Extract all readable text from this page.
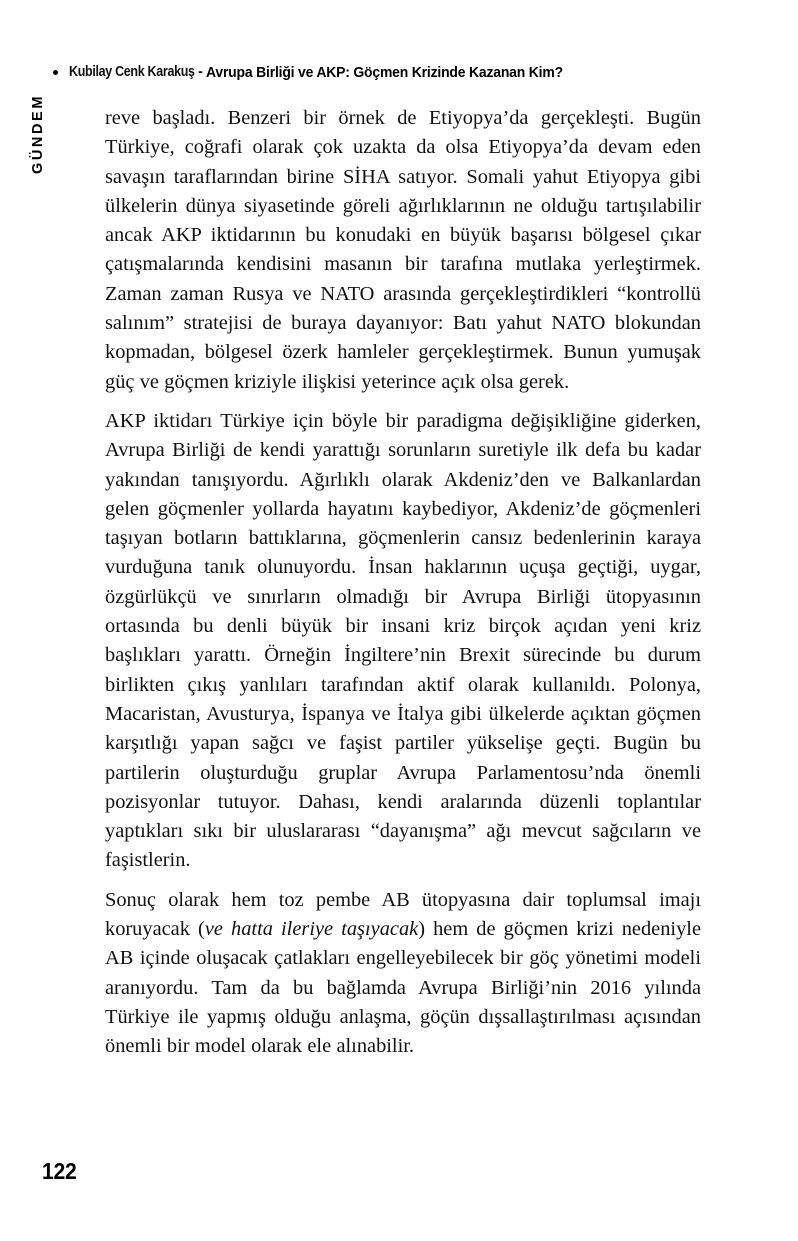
Kubilay Cenk Karakuş - Avrupa Birliği ve AKP: Göçmen Krizinde Kazanan Kim?
GÜNDEM	reve başladı. Benzeri bir örnek de Etiyopya’da gerçekleşti. Bugün Türkiye, coğrafi olarak çok uzakta da olsa Etiyopya’da devam eden savaşın taraflarından birine SİHA satıyor. Somali yahut Etiyopya gibi ülkelerin dünya siyasetinde göreli ağırlıklarının ne olduğu tartışılabilir ancak AKP iktidarının bu konudaki en büyük başarısı bölgesel çıkar çatışmalarında kendisini masanın bir tarafına mutlaka yerleştirmek. Zaman zaman Rusya ve NATO arasında gerçekleştirdikleri “kontrollü salınım” stratejisi de buraya dayanıyor: Batı yahut NATO blokundan kopmadan, bölgesel özerk hamleler gerçekleştirmek. Bunun yumuşak güç ve göçmen kriziyle ilişkisi yeterince açık olsa gerek.

AKP iktidarı Türkiye için böyle bir paradigma değişikliğine giderken, Avrupa Birliği de kendi yarattığı sorunların suretiyle ilk defa bu kadar yakından tanışıyordu. Ağırlıklı olarak Akdeniz’den ve Balkanlardan gelen göçmenler yollarda hayatını kaybediyor, Akdeniz’de göçmenleri taşıyan botların battıklarına, göçmenlerin cansız bedenlerinin karaya vurduğuna tanık olunuyordu. İnsan haklarının uçuşa geçtiği, uygar, özgürlükçü ve sınırların olmadığı bir Avrupa Birliği ütopyasının ortasında bu denli büyük bir insani kriz birçok açıdan yeni kriz başlıkları yarattı. Örneğin İngiltere’nin Brexit sürecinde bu durum birlikten çıkış yanlıları tarafından aktif olarak kullanıldı. Polonya, Macaristan, Avusturya, İspanya ve İtalya gibi ülkelerde açıktan göçmen karşıtlığı yapan sağcı ve faşist partiler yükselişe geçti. Bugün bu partilerin oluşturduğu gruplar Avrupa Parlamentosu’nda önemli pozisyonlar tutuyor. Dahası, kendi aralarında düzenli toplantılar yaptıkları sıkı bir uluslararası “dayanışma” ağı mevcut sağcıların ve faşistlerin.

Sonuç olarak hem toz pembe AB ütopyasına dair toplumsal imajı koruyacak (ve hatta ileriye taşıyacak) hem de göçmen krizi nedeniyle AB içinde oluşacak çatlakları engelleyebilecek bir göç yönetimi modeli aranıyordu. Tam da bu bağlamda Avrupa Birliği’nin 2016 yılında Türkiye ile yapmış olduğu anlaşma, göçün dışsallaştırılması açısından önemli bir model olarak ele alınabilir.

122
